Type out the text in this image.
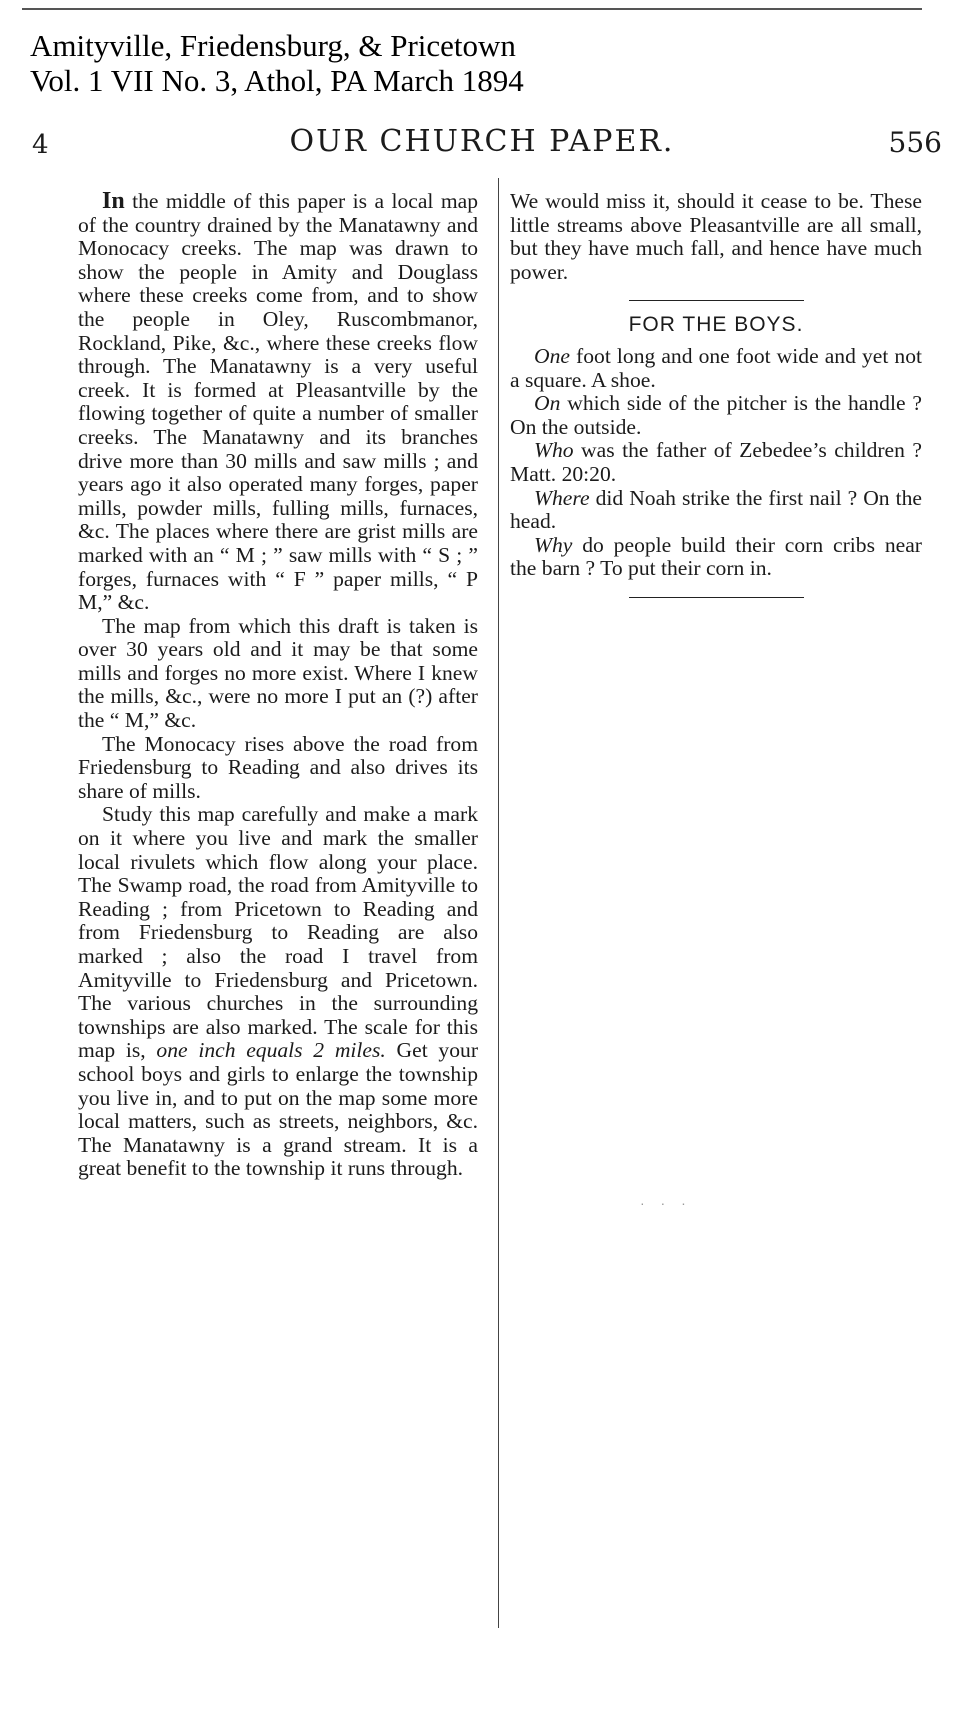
Amityville, Friedensburg, & Pricetown
Vol. 1 VII No. 3, Athol, PA March 1894
4	OUR CHURCH PAPER.	556

In the middle of this paper is a local map of the country drained by the Manatawny and Monocacy creeks. The map was drawn to show the people in Amity and Douglass where these creeks come from, and to show the people in Oley, Ruscombmanor, Rockland, Pike, &c., where these creeks flow through. The Manatawny is a very useful creek. It is formed at Pleasantville by the flowing together of quite a number of smaller creeks. The Manatawny and its branches drive more than 30 mills and saw mills ; and years ago it also operated many forges, paper mills, powder mills, fulling mills, furnaces, &c. The places where there are grist mills are marked with an “ M ; ” saw mills with “ S ; ” forges, furnaces with “ F ” paper mills, “ P M,” &c.

The map from which this draft is taken is over 30 years old and it may be that some mills and forges no more exist. Where I knew the mills, &c., were no more I put an (?) after the “ M,” &c.

The Monocacy rises above the road from Friedensburg to Reading and also drives its share of mills.

Study this map carefully and make a mark on it where you live and mark the smaller local rivulets which flow along your place. The Swamp road, the road from Amityville to Reading ; from Pricetown to Reading and from Friedensburg to Reading are also marked ; also the road I travel from Amityville to Friedensburg and Pricetown. The various churches in the surrounding townships are also marked. The scale for this map is, one inch equals 2 miles. Get your school boys and girls to enlarge the township you live in, and to put on the map some more local matters, such as streets, neighbors, &c. The Manatawny is a grand stream. It is a great benefit to the township it runs through.

We would miss it, should it cease to be. These little streams above Pleasantville are all small, but they have much fall, and hence have much power.

FOR THE BOYS.

One foot long and one foot wide and yet not a square. A shoe.

On which side of the pitcher is the handle ? On the outside.

Who was the father of Zebedee’s children ? Matt. 20:20.

Where did Noah strike the first nail ? On the head.

Why do people build their corn cribs near the barn ? To put their corn in.

· · ·
